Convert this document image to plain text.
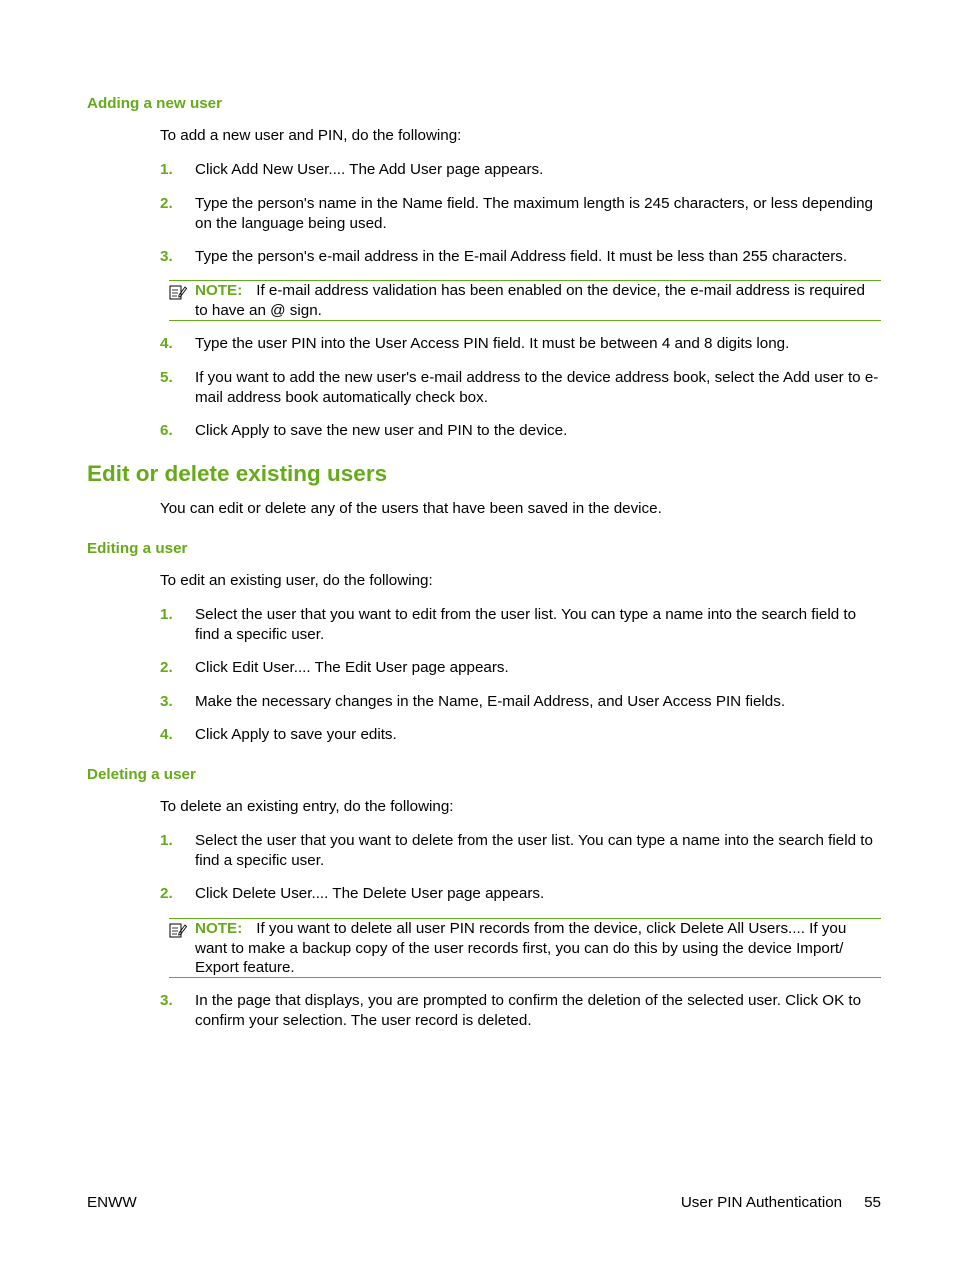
Adding a new user
To add a new user and PIN, do the following:
1. Click Add New User.... The Add User page appears.
2. Type the person's name in the Name field. The maximum length is 245 characters, or less depending on the language being used.
3. Type the person's e-mail address in the E-mail Address field. It must be less than 255 characters.
NOTE: If e-mail address validation has been enabled on the device, the e-mail address is required to have an @ sign.
4. Type the user PIN into the User Access PIN field. It must be between 4 and 8 digits long.
5. If you want to add the new user's e-mail address to the device address book, select the Add user to e-mail address book automatically check box.
6. Click Apply to save the new user and PIN to the device.
Edit or delete existing users
You can edit or delete any of the users that have been saved in the device.
Editing a user
To edit an existing user, do the following:
1. Select the user that you want to edit from the user list. You can type a name into the search field to find a specific user.
2. Click Edit User.... The Edit User page appears.
3. Make the necessary changes in the Name, E-mail Address, and User Access PIN fields.
4. Click Apply to save your edits.
Deleting a user
To delete an existing entry, do the following:
1. Select the user that you want to delete from the user list. You can type a name into the search field to find a specific user.
2. Click Delete User.... The Delete User page appears.
NOTE: If you want to delete all user PIN records from the device, click Delete All Users.... If you want to make a backup copy of the user records first, you can do this by using the device Import/ Export feature.
3. In the page that displays, you are prompted to confirm the deletion of the selected user. Click OK to confirm your selection. The user record is deleted.
ENWW	User PIN Authentication 55
